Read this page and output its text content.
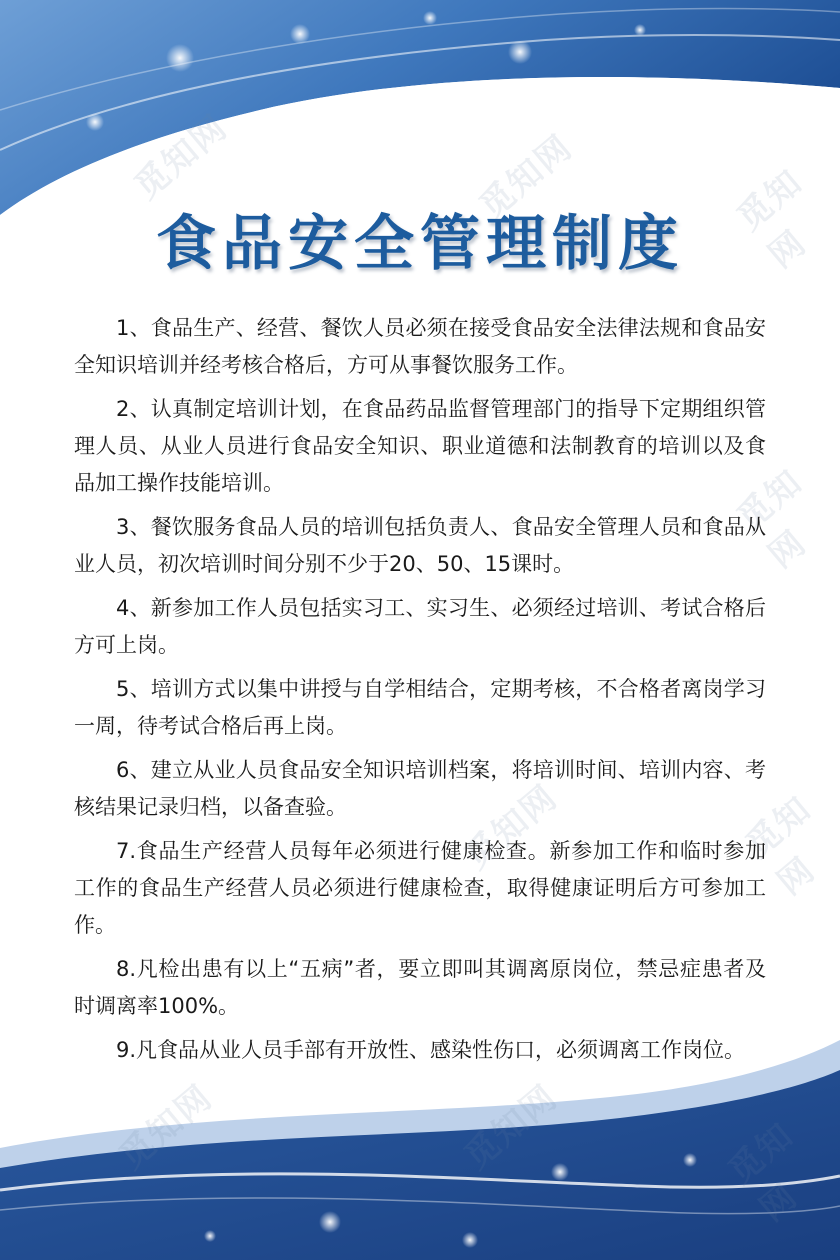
觅知网	觅知网	觅知网
觅知网
觅知网	觅知网
觅知网	觅知网
食品安全管理制度

1、食品生产、经营、餐饮人员必须在接受食品安全法律法规和食品安全知识培训并经考核合格后，方可从事餐饮服务工作。

2、认真制定培训计划，在食品药品监督管理部门的指导下定期组织管理人员、从业人员进行食品安全知识、职业道德和法制教育的培训以及食品加工操作技能培训。

3、餐饮服务食品人员的培训包括负责人、食品安全管理人员和食品从业人员，初次培训时间分别不少于20、50、15课时。

4、新参加工作人员包括实习工、实习生、必须经过培训、考试合格后方可上岗。

5、培训方式以集中讲授与自学相结合，定期考核，不合格者离岗学习一周，待考试合格后再上岗。

6、建立从业人员食品安全知识培训档案，将培训时间、培训内容、考核结果记录归档，以备查验。

7.食品生产经营人员每年必须进行健康检查。新参加工作和临时参加工作的食品生产经营人员必须进行健康检查，取得健康证明后方可参加工作。

8.凡检出患有以上“五病”者，要立即叫其调离原岗位，禁忌症患者及时调离率100%。

9.凡食品从业人员手部有开放性、感染性伤口，必须调离工作岗位。
